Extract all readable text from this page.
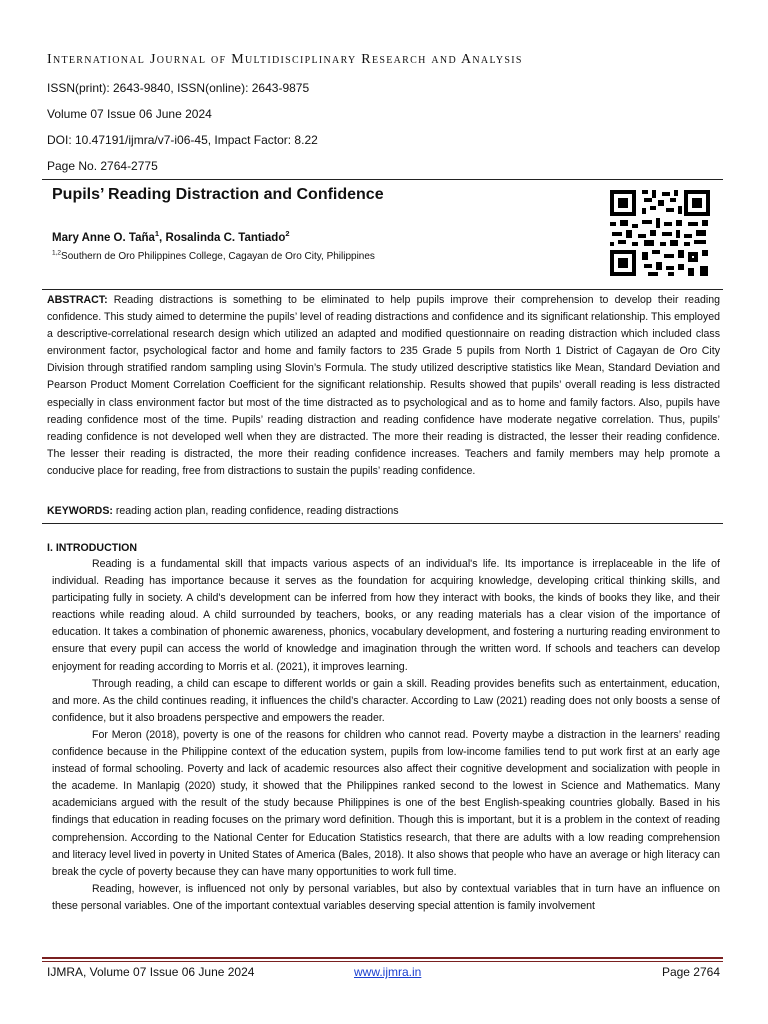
International Journal of Multidisciplinary Research and Analysis
ISSN(print): 2643-9840, ISSN(online): 2643-9875
Volume 07 Issue 06 June 2024
DOI: 10.47191/ijmra/v7-i06-45, Impact Factor: 8.22
Page No. 2764-2775
Pupils’ Reading Distraction and Confidence
Mary Anne O. Taña$^1$, Rosalinda C. Tantiado$^2$
$^{1,2}$Southern de Oro Philippines College, Cagayan de Oro City, Philippines
ABSTRACT: Reading distractions is something to be eliminated to help pupils improve their comprehension to develop their reading confidence. This study aimed to determine the pupils’ level of reading distractions and confidence and its significant relationship. This employed a descriptive-correlational research design which utilized an adapted and modified questionnaire on reading distraction which included class environment factor, psychological factor and home and family factors to 235 Grade 5 pupils from North 1 District of Cagayan de Oro City Division through stratified random sampling using Slovin’s Formula. The study utilized descriptive statistics like Mean, Standard Deviation and Pearson Product Moment Correlation Coefficient for the significant relationship. Results showed that pupils’ overall reading is less distracted especially in class environment factor but most of the time distracted as to psychological and as to home and family factors. Also, pupils have reading confidence most of the time. Pupils’ reading distraction and reading confidence have moderate negative correlation. Thus, pupils’ reading confidence is not developed well when they are distracted. The more their reading is distracted, the lesser their reading confidence. The lesser their reading is distracted, the more their reading confidence increases. Teachers and family members may help promote a conducive place for reading, free from distractions to sustain the pupils’ reading confidence.
KEYWORDS: reading action plan, reading confidence, reading distractions
I. INTRODUCTION

Reading is a fundamental skill that impacts various aspects of an individual's life. Its importance is irreplaceable in the life of individual. Reading has importance because it serves as the foundation for acquiring knowledge, developing critical thinking skills, and participating fully in society. A child's development can be inferred from how they interact with books, the kinds of books they like, and their reactions while reading aloud. A child surrounded by teachers, books, or any reading materials has a clear vision of the importance of education. It takes a combination of phonemic awareness, phonics, vocabulary development, and fostering a nurturing reading environment to ensure that every pupil can access the world of knowledge and imagination through the written word. If schools and teachers can develop enjoyment for reading according to Morris et al. (2021), it improves learning.

Through reading, a child can escape to different worlds or gain a skill. Reading provides benefits such as entertainment, education, and more. As the child continues reading, it influences the child’s character. According to Law (2021) reading does not only boosts a sense of confidence, but it also broadens perspective and empowers the reader.

For Meron (2018), poverty is one of the reasons for children who cannot read. Poverty maybe a distraction in the learners’ reading confidence because in the Philippine context of the education system, pupils from low-income families tend to put work first at an early age instead of formal schooling. Poverty and lack of academic resources also affect their cognitive development and socialization with people in the academe. In Manlapig (2020) study, it showed that the Philippines ranked second to the lowest in Science and Mathematics. Many academicians argued with the result of the study because Philippines is one of the best English-speaking countries globally. Based in his findings that education in reading focuses on the primary word definition. Though this is important, but it is a problem in the context of reading comprehension. According to the National Center for Education Statistics research, that there are adults with a low reading comprehension and literacy level lived in poverty in United States of America (Bales, 2018). It also shows that people who have an average or high literacy can break the cycle of poverty because they can have many opportunities to work full time.

Reading, however, is influenced not only by personal variables, but also by contextual variables that in turn have an influence on these personal variables. One of the important contextual variables deserving special attention is family involvement

IJMRA, Volume 07 Issue 06 June 2024	www.ijmra.in	Page 2764
